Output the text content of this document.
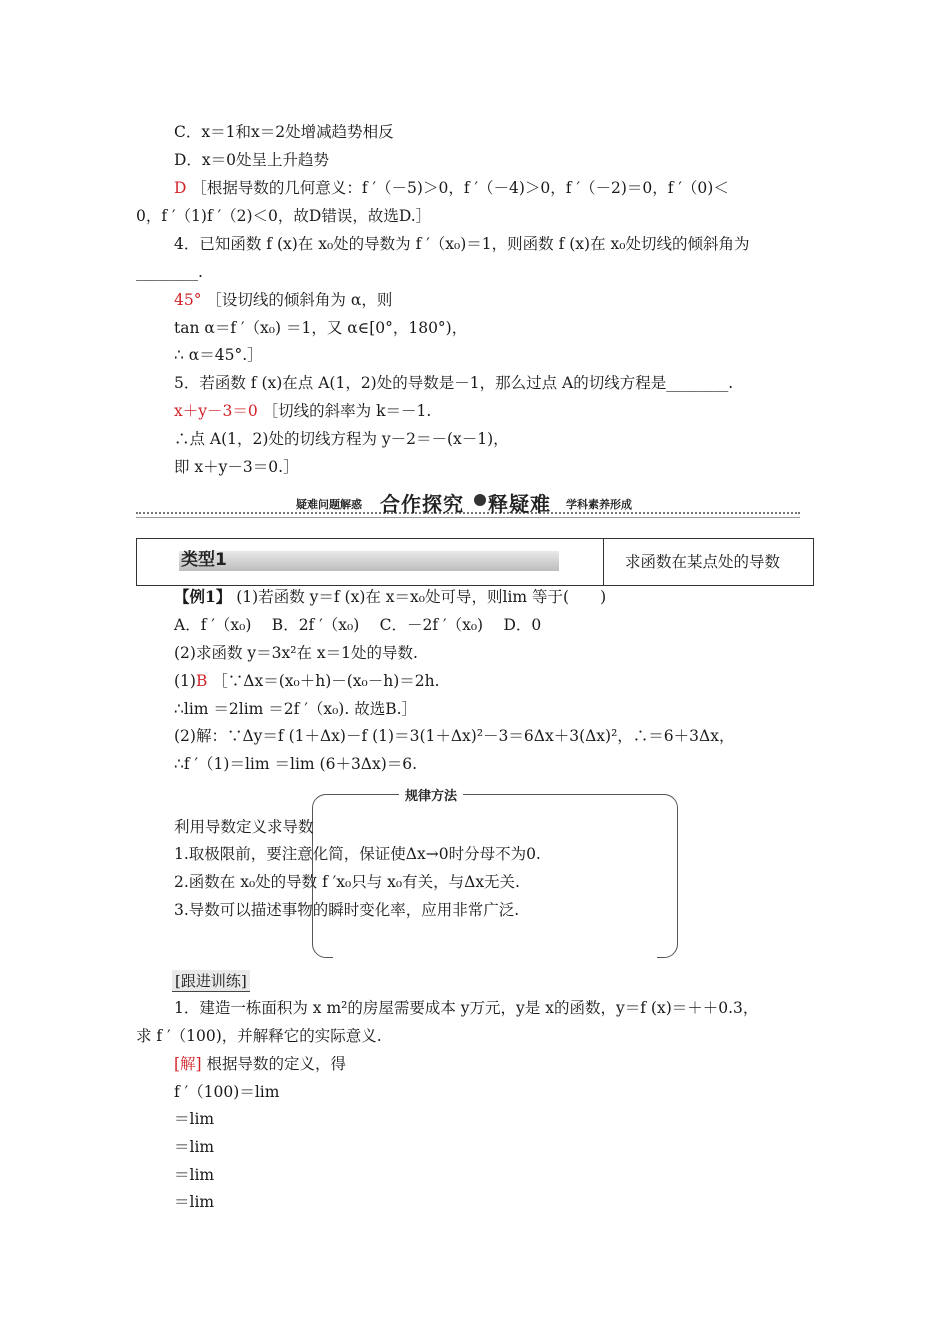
C．x＝1和x＝2处增减趋势相反
D．x＝0处呈上升趋势
D ［根据导数的几何意义：f ′（－5)＞0，f ′（－4)＞0，f ′（－2)＝0，f ′（0)＜
0，f ′（1)f ′（2)＜0，故D错误，故选D.］
4．已知函数 f (x)在 x₀处的导数为 f ′（x₀)＝1，则函数 f (x)在 x₀处切线的倾斜角为
________.
45° ［设切线的倾斜角为 α，则
tan α＝f ′（x₀) ＝1，又 α∈[0°，180°)，
∴ α＝45°.］
5．若函数 f (x)在点 A(1，2)处的导数是－1，那么过点 A的切线方程是________.
x＋y－3＝0 ［切线的斜率为 k＝－1.
∴点 A(1，2)处的切线方程为 y－2＝－(x－1)，
即 x＋y－3＝0.］
疑难问题解惑 合作探究 释疑难 学科素养形成
类型1	求函数在某点处的导数
【例1】 (1)若函数 y＝f (x)在 x＝x₀处可导，则lim 等于(　　)
A．f ′（x₀)　 B．2f ′（x₀)　 C．－2f ′（x₀)　 D．0
(2)求函数 y＝3x²在 x＝1处的导数.
(1)B ［∵Δx＝(x₀＋h)－(x₀－h)＝2h.
∴lim ＝2lim ＝2f ′（x₀). 故选B.］
(2)解：∵Δy＝f (1＋Δx)－f (1)＝3(1＋Δx)²－3＝6Δx＋3(Δx)²，∴＝6＋3Δx，
∴f ′（1)＝lim ＝lim (6＋3Δx)＝6.
规律方法
利用导数定义求导数
1.取极限前，要注意化简，保证使Δx→0时分母不为0.
2.函数在 x₀处的导数 f ′x₀只与 x₀有关，与Δx无关.
3.导数可以描述事物的瞬时变化率，应用非常广泛.
[跟进训练]
1．建造一栋面积为 x m²的房屋需要成本 y万元，y是 x的函数，y＝f (x)＝＋＋0.3，
求 f ′（100)，并解释它的实际意义.
[解] 根据导数的定义，得
f ′（100)＝lim
＝lim
＝lim
＝lim
＝lim
